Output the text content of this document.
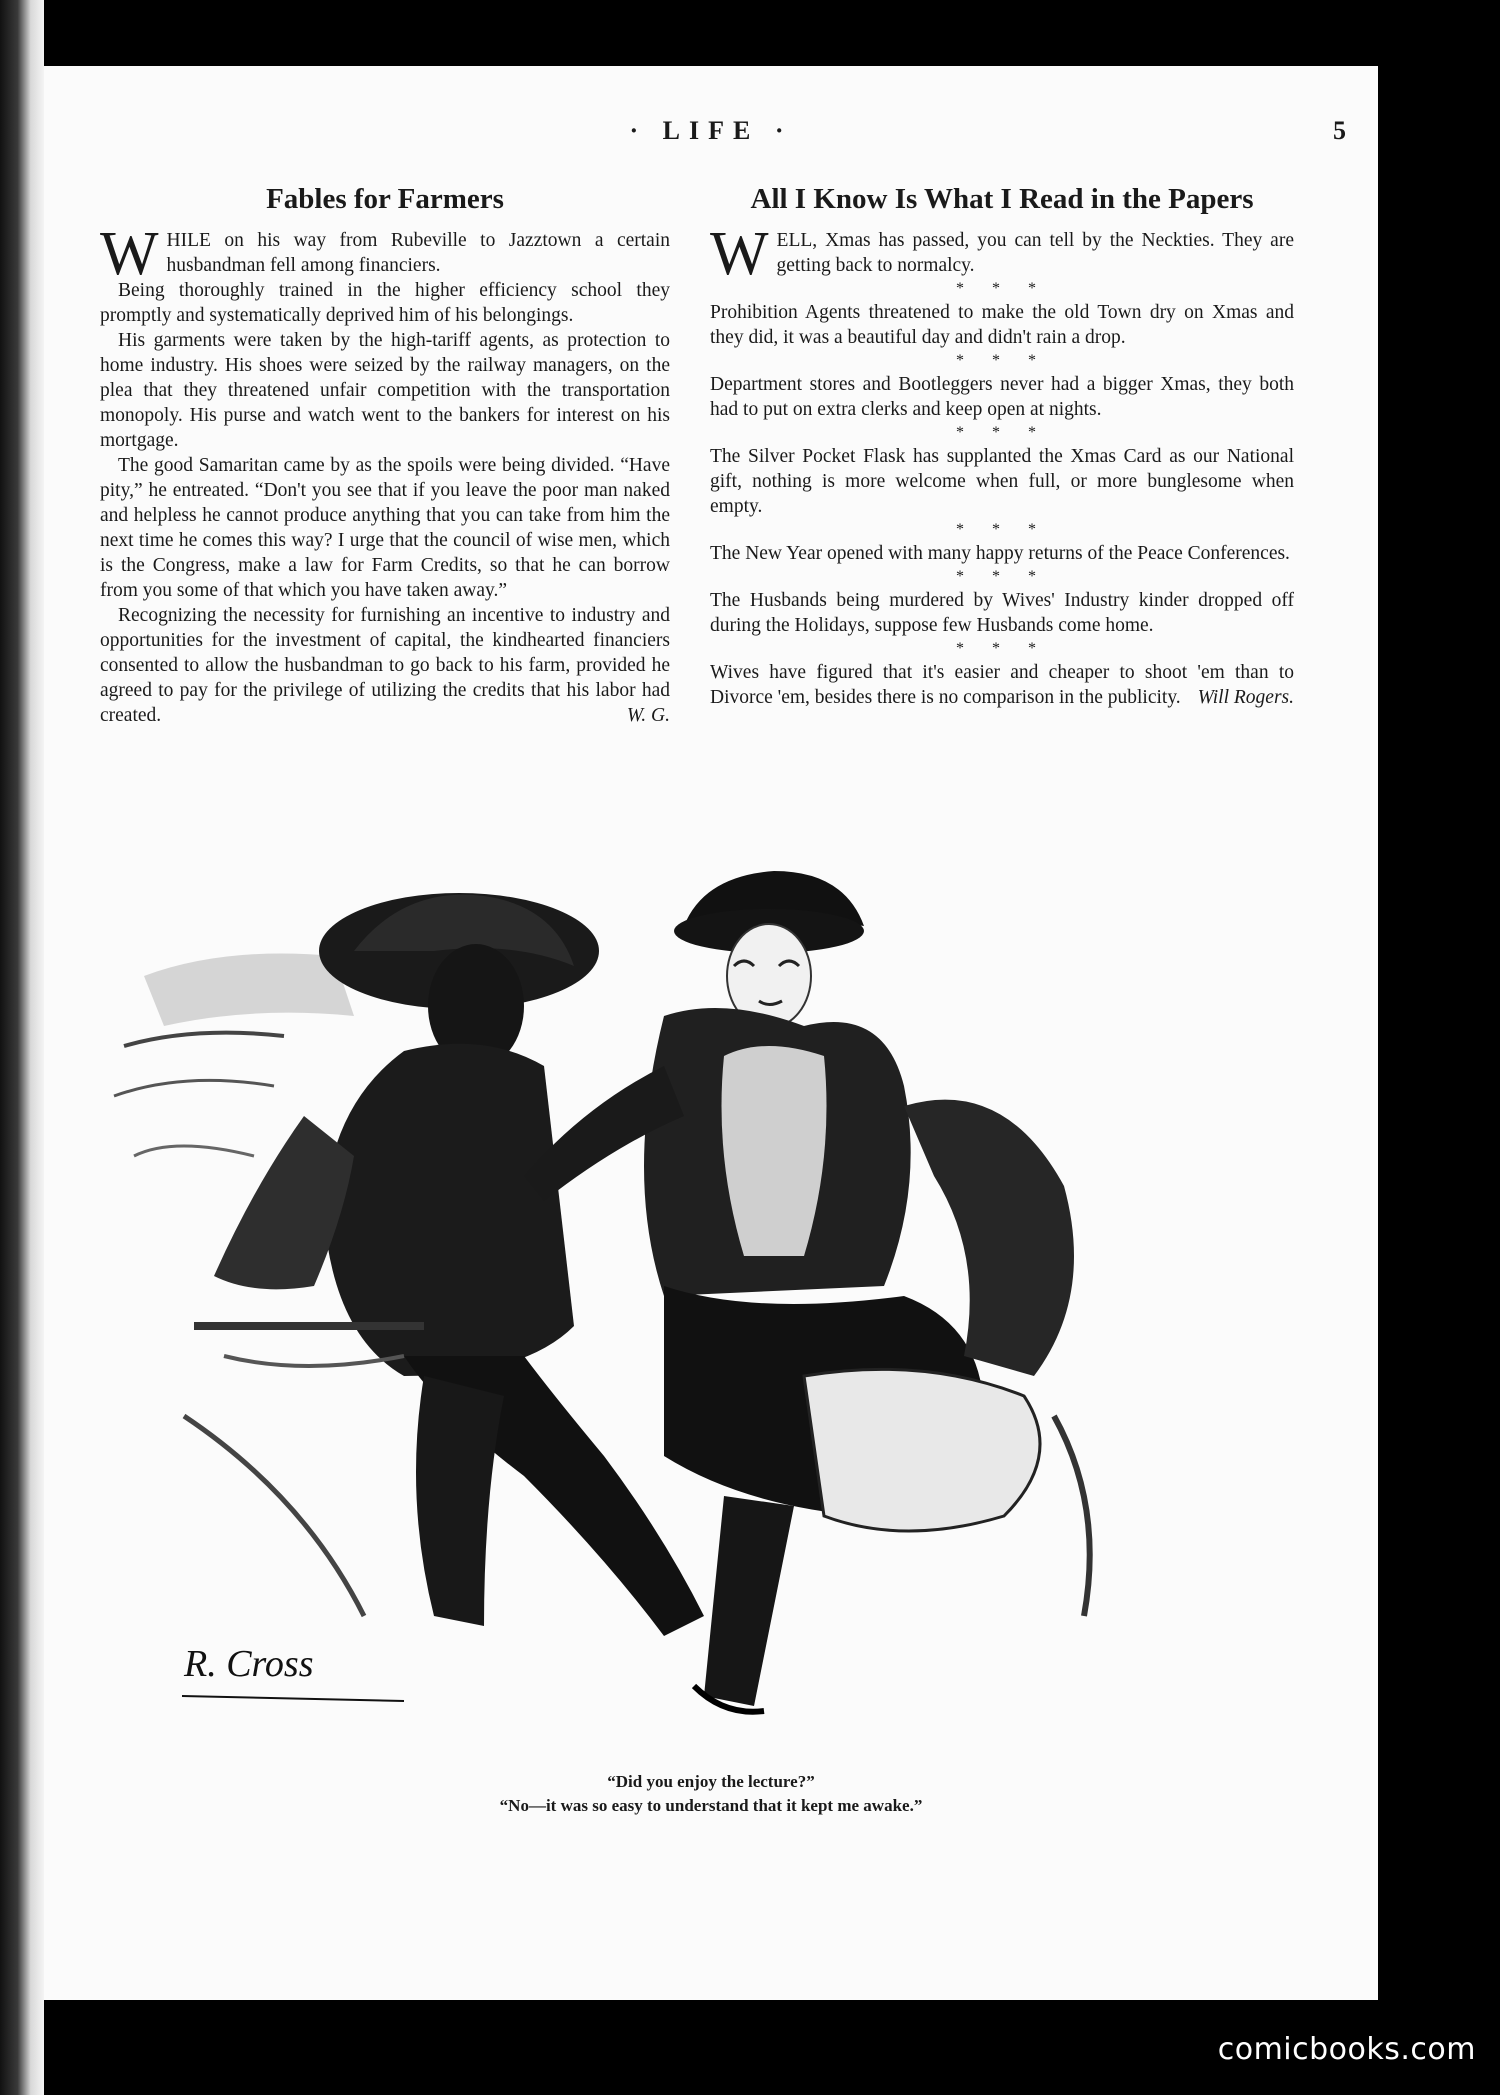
· LIFE ·	5
Fables for Farmers

WHILE on his way from Rubeville to Jazztown a certain husbandman fell among financiers.

Being thoroughly trained in the higher efficiency school they promptly and systematically deprived him of his belongings.

His garments were taken by the high-tariff agents, as protection to home industry. His shoes were seized by the railway managers, on the plea that they threatened unfair competition with the transportation monopoly. His purse and watch went to the bankers for interest on his mortgage.

The good Samaritan came by as the spoils were being divided. “Have pity,” he entreated. “Don't you see that if you leave the poor man naked and helpless he cannot produce anything that you can take from him the next time he comes this way? I urge that the council of wise men, which is the Congress, make a law for Farm Credits, so that he can borrow from you some of that which you have taken away.”

Recognizing the necessity for furnishing an incentive to industry and opportunities for the investment of capital, the kindhearted financiers consented to allow the husbandman to go back to his farm, provided he agreed to pay for the privilege of utilizing the credits that his labor had created.	W. G.

All I Know Is What I Read in the Papers

WELL, Xmas has passed, you can tell by the Neckties. They are getting back to normalcy.

* * *

Prohibition Agents threatened to make the old Town dry on Xmas and they did, it was a beautiful day and didn't rain a drop.

* * *

Department stores and Bootleggers never had a bigger Xmas, they both had to put on extra clerks and keep open at nights.

* * *

The Silver Pocket Flask has supplanted the Xmas Card as our National gift, nothing is more welcome when full, or more bunglesome when empty.

* * *

The New Year opened with many happy returns of the Peace Conferences.

* * *

The Husbands being murdered by Wives' Industry kinder dropped off during the Holidays, suppose few Husbands come home.

* * *

Wives have figured that it's easier and cheaper to shoot 'em than to Divorce 'em, besides there is no comparison in the publicity. Will Rogers.

R. Cross
“Did you enjoy the lecture?”
“No—it was so easy to understand that it kept me awake.”
comicbooks.com
